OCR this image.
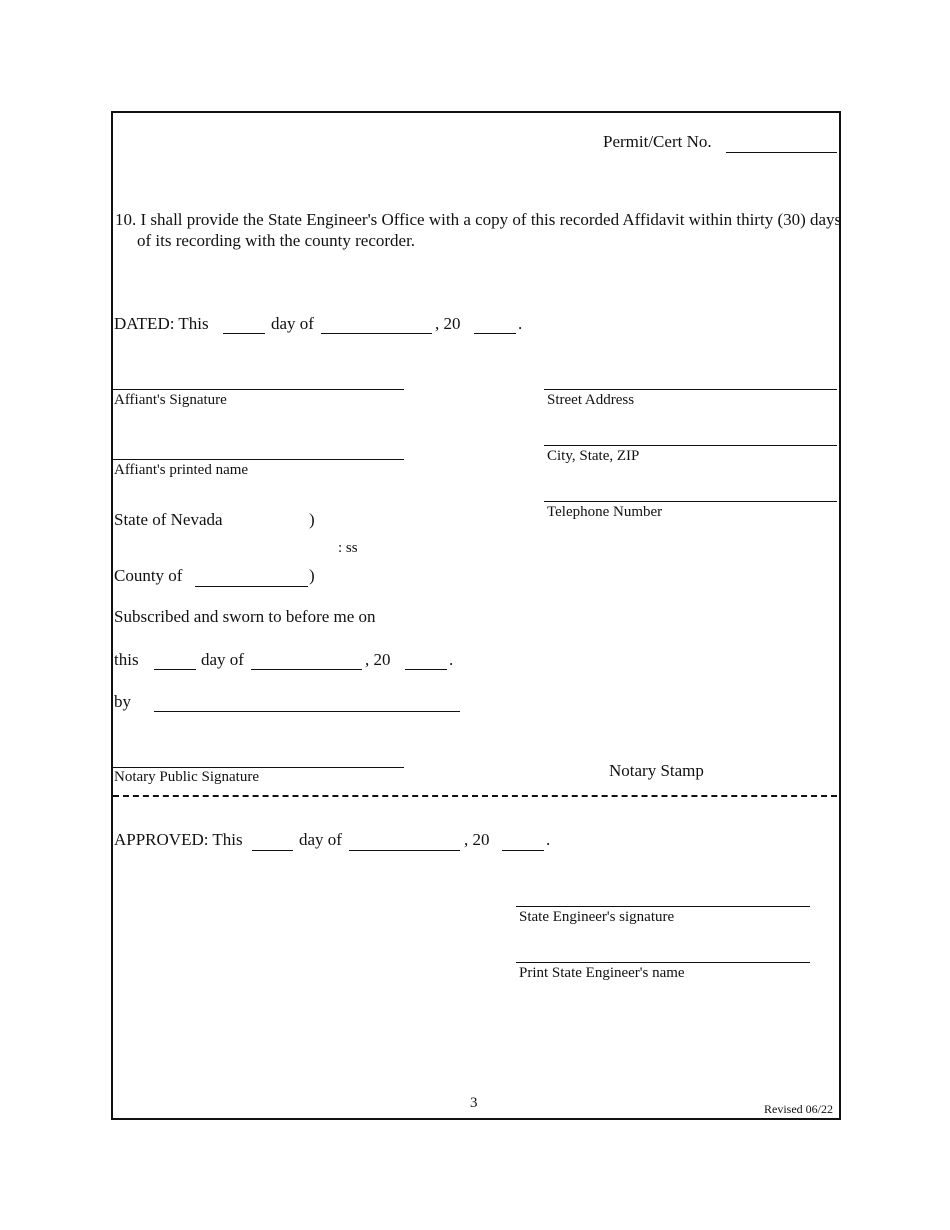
Permit/Cert No.
10. I shall provide the State Engineer's Office with a copy of this recorded Affidavit within thirty (30) days of its recording with the county recorder.
DATED: This	day of	, 20	.
Affiant's Signature
Affiant's printed name
Street Address
City, State, ZIP
Telephone Number
State of Nevada	)
: ss
County of	)
Subscribed and sworn to before me on
this	day of	, 20	.
by
Notary Public Signature	Notary Stamp
APPROVED: This	day of	, 20	.
State Engineer's signature
Print State Engineer's name
3	Revised 06/22
